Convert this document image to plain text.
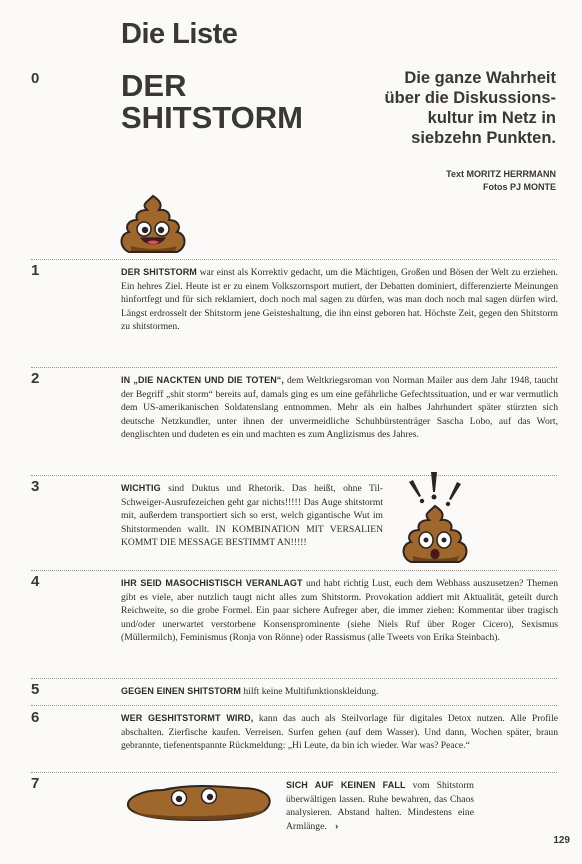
Die Liste
DER
SHITSTORM
Die ganze Wahrheit
über die Diskussions-
kultur im Netz in
siebzehn Punkten.
Text MORITZ HERRMANN
Fotos PJ MONTE
0
1
2
3
4
5
6
7

DER SHITSTORM war einst als Korrektiv gedacht, um die Mächtigen, Großen und Bösen der Welt zu erziehen. Ein hehres Ziel. Heute ist er zu einem Volkszornsport mutiert, der Debatten dominiert, differenzierte Meinungen hinfortfegt und für sich reklamiert, doch noch mal sagen zu dürfen, was man doch noch mal sagen dürfen wird. Längst erdrosselt der Shitstorm jene Geisteshaltung, die ihn einst geboren hat. Höchste Zeit, gegen den Shitstorm zu shitstormen.

IN „DIE NACKTEN UND DIE TOTEN“, dem Weltkriegsroman von Norman Mailer aus dem Jahr 1948, taucht der Begriff „shit storm“ bereits auf, damals ging es um eine gefährliche Gefechtssituation, und er war vermutlich dem US-amerikanischen Soldatenslang entnommen. Mehr als ein halbes Jahrhundert später stürzten sich deutsche Netzkundler, unter ihnen der unvermeidliche Schuhbürstenträger Sascha Lobo, auf das Wort, denglischten und dudeten es ein und machten es zum Anglizismus des Jahres.

WICHTIG sind Duktus und Rhetorik. Das heißt, ohne Til-Schweiger-Ausrufezeichen geht gar nichts!!!!! Das Auge shitstormt mit, außerdem transportiert sich so erst, welch gigantische Wut im Shitstormenden wallt. IN KOMBINATION MIT VERSALIEN KOMMT DIE MESSAGE BESTIMMT AN!!!!!

IHR SEID MASOCHISTISCH VERANLAGT und habt richtig Lust, euch dem Webhass auszusetzen? Themen gibt es viele, aber nutzlich taugt nicht alles zum Shitstorm. Provokation addiert mit Aktualität, geteilt durch Reichweite, so die grobe Formel. Ein paar sichere Aufreger aber, die immer ziehen: Kommentar über tragisch und/oder unerwartet verstorbene Konsensprominente (siehe Niels Ruf über Roger Cicero), Sexismus (Müllermilch), Feminismus (Ronja von Rönne) oder Rassismus (alle Tweets von Erika Steinbach).

GEGEN EINEN SHITSTORM hilft keine Multifunktionskleidung.

WER GESHITSTORMT WIRD, kann das auch als Steilvorlage für digitales Detox nutzen. Alle Profile abschalten. Zierfische kaufen. Verreisen. Surfen gehen (auf dem Wasser). Und dann, Wochen später, braun gebrannte, tiefenentspannte Rückmeldung: „Hi Leute, da bin ich wieder. War was? Peace.“

SICH AUF KEINEN FALL vom Shitstorm überwältigen lassen. Ruhe bewahren, das Chaos analysieren. Abstand halten. Mindestens eine Armlänge. ›

129
